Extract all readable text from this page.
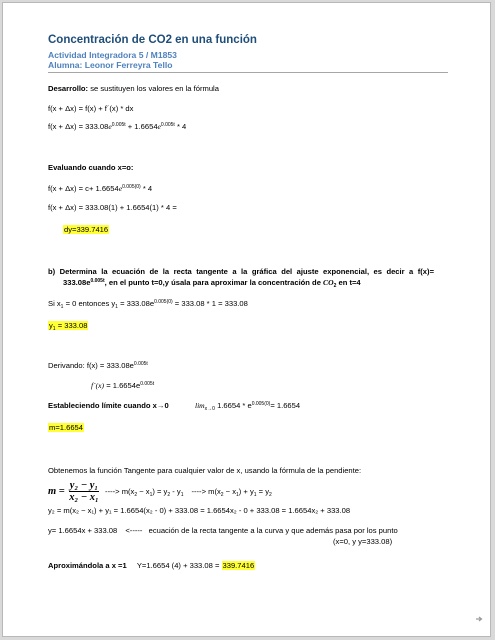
Concentración de CO2 en una función
Actividad Integradora 5 / M1853
Alumna: Leonor Ferreyra Tello
Desarrollo: se sustituyen los valores en la fórmula
f(x + Δx) = f(x) + f´(x) * dx
$f(x + \Delta x) = 333.08e^{0.005t} + 1.6654e^{0.005t} * 4$
Evaluando cuando x=o:
$f(x + \Delta x) = c+ 1.6654e^{0.005(0)} * 4$
f(x + Δx) = 333.08(1) + 1.6654(1) * 4 =
dy=339.7416
b) Determina la ecuación de la recta tangente a la gráfica del ajuste exponencial, es decir a f(x)=
$333.08e^{0.005t}$, en el punto t=0,y úsala para aproximar la concentración de $CO_2$ en t=4
Si $x_1 = 0$ entonces $y_1 = 333.08e^{0.005(0)} = 333.08 * 1 = 333.08$
$y_1 = 333.08$
Derivando: $f(x) = 333.08e^{0.005t}$
f´(x) = $1.6654e^{0.005t}$
Estableciendo límite cuando x→0	$\lim_{x\to 0} 1.6654 * e^{0.005(0)}= 1.6654$
m=1.6654
Obtenemos la función Tangente para cualquier valor de x, usando la fórmula de la pendiente:
$m = \frac{\text{y₂ − y₁}}{\text{x₂ − x₁}}$ ----> $m(x_2 - x_1) = y_2 - y_1$ ----> $m(x_2 - x_1) + y_1 = y_2$
y₂ = m(x₂ − x₁) + y₁ = 1.6654(x₂ - 0) + 333.08 = 1.6654x₂ - 0 + 333.08 = 1.6654x₂ + 333.08
y= 1.6654x + 333.08 <----- ecuación de la recta tangente a la curva y que además pasa por los punto
(x=0, y y=333.08)
Aproximándola a x =1 Y=1.6654 (4) + 333.08 = 339.7416
